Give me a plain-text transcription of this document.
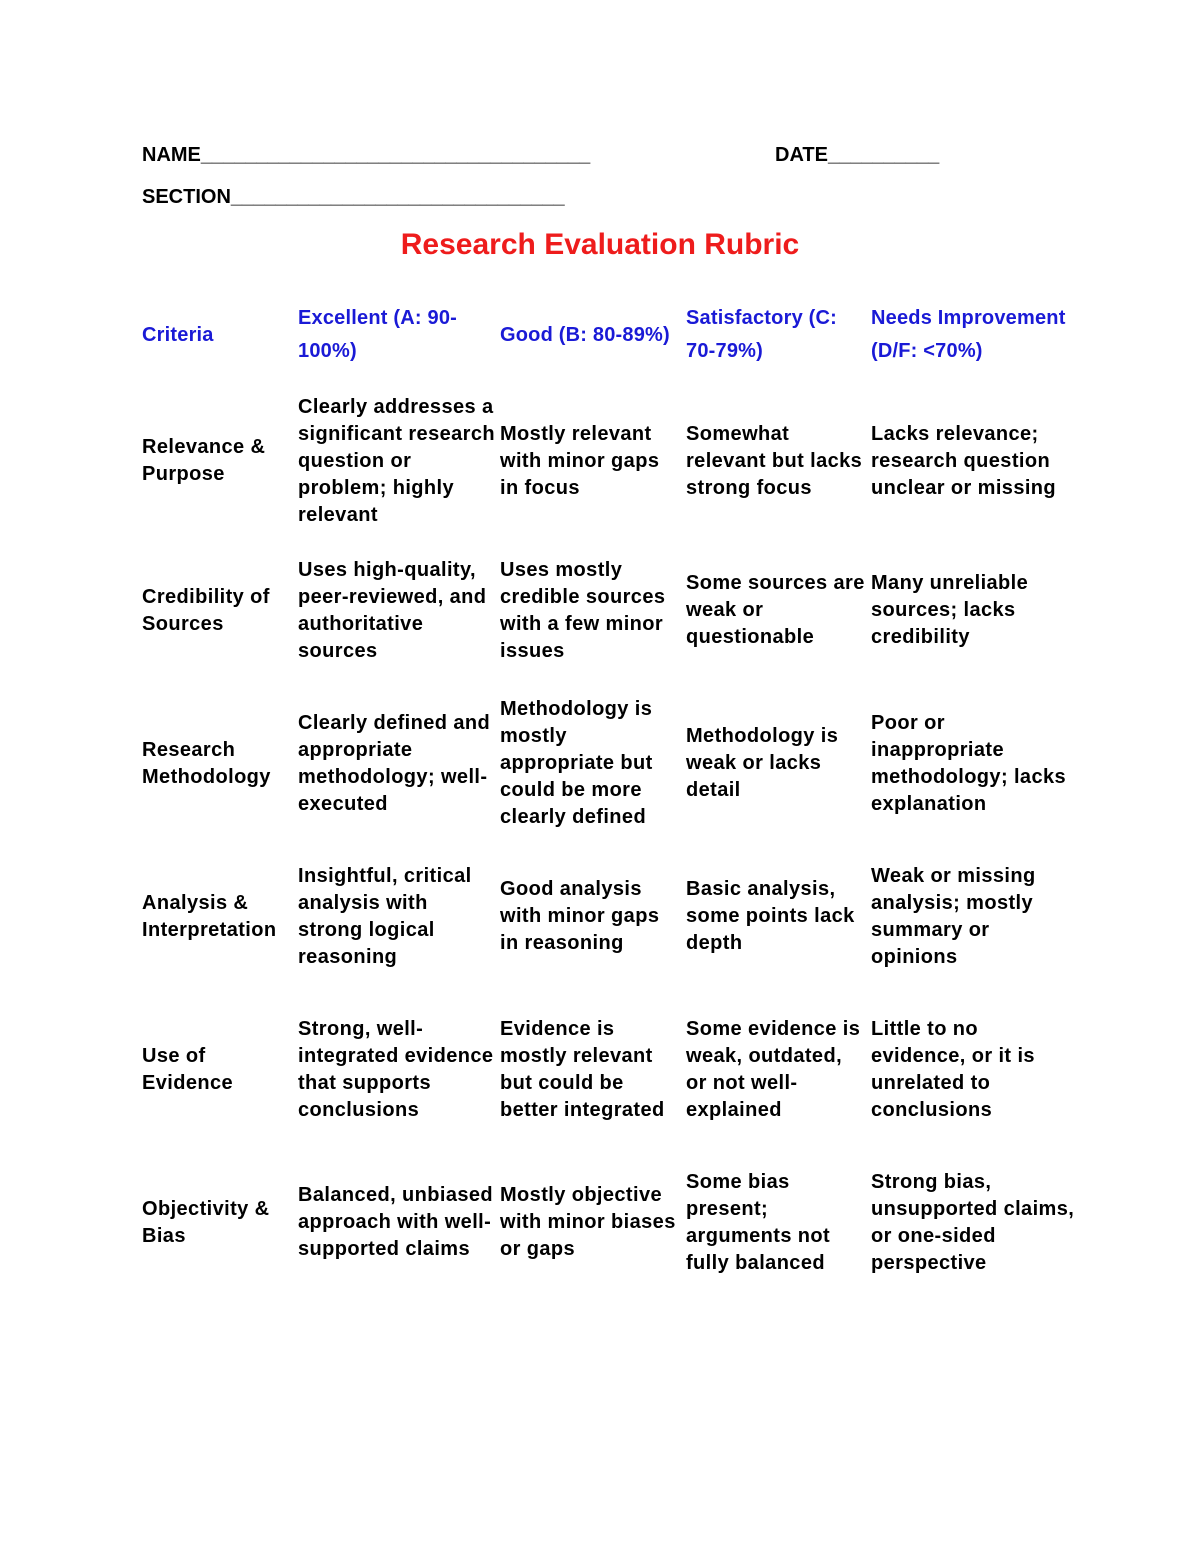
NAME___________________________________	DATE__________
SECTION______________________________
Research Evaluation Rubric
Criteria
Excellent (A: 90-100%)
Good (B: 80-89%)
Satisfactory (C: 70-79%)
Needs Improvement (D/F: <70%)
Relevance & Purpose
Clearly addresses a significant research question or problem; highly relevant
Mostly relevant with minor gaps in focus
Somewhat relevant but lacks strong focus
Lacks relevance; research question unclear or missing
Credibility of Sources
Uses high-quality, peer-reviewed, and authoritative sources
Uses mostly credible sources with a few minor issues
Some sources are weak or questionable
Many unreliable sources; lacks credibility
Research Methodology
Clearly defined and appropriate methodology; well-executed
Methodology is mostly appropriate but could be more clearly defined
Methodology is weak or lacks detail
Poor or inappropriate methodology; lacks explanation
Analysis & Interpretation
Insightful, critical analysis with strong logical reasoning
Good analysis with minor gaps in reasoning
Basic analysis, some points lack depth
Weak or missing analysis; mostly summary or opinions
Use of Evidence
Strong, well-integrated evidence that supports conclusions
Evidence is mostly relevant but could be better integrated
Some evidence is weak, outdated, or not well-explained
Little to no evidence, or it is unrelated to conclusions
Objectivity & Bias
Balanced, unbiased approach with well-supported claims
Mostly objective with minor biases or gaps
Some bias present; arguments not fully balanced
Strong bias, unsupported claims, or one-sided perspective
